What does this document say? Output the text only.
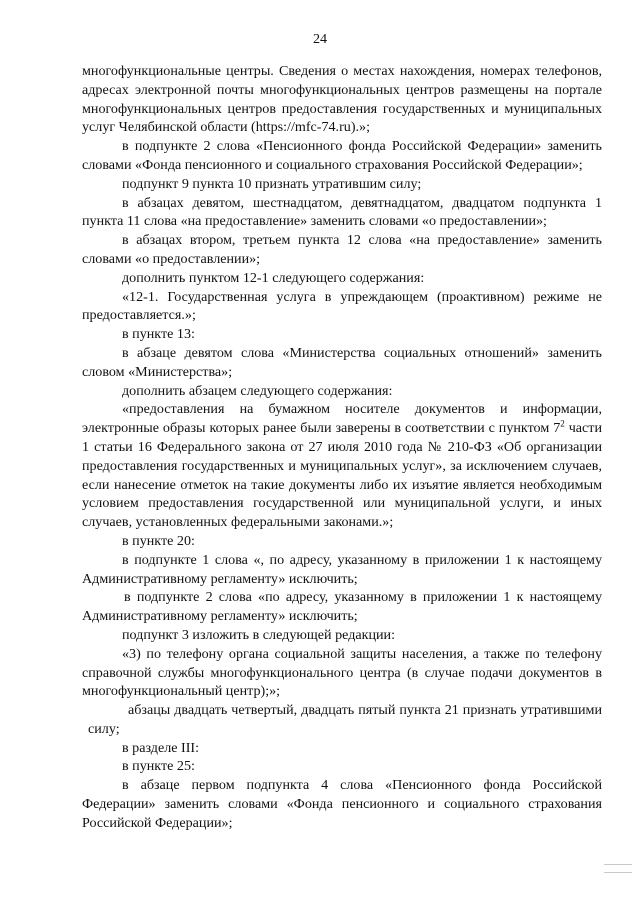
24

многофункциональные центры. Сведения о местах нахождения, номерах телефонов, адресах электронной почты многофункциональных центров размещены на портале многофункциональных центров предоставления государственных и муниципальных услуг Челябинской области (https://mfc-74.ru).»;

в подпункте 2 слова «Пенсионного фонда Российской Федерации» заменить словами «Фонда пенсионного и социального страхования Российской Федерации»;

подпункт 9 пункта 10 признать утратившим силу;

в абзацах девятом, шестнадцатом, девятнадцатом, двадцатом подпункта 1 пункта 11 слова «на предоставление» заменить словами «о предоставлении»;

в абзацах втором, третьем пункта 12 слова «на предоставление» заменить словами «о предоставлении»;

дополнить пунктом 12-1 следующего содержания:

«12-1. Государственная услуга в упреждающем (проактивном) режиме не предоставляется.»;

в пункте 13:

в абзаце девятом слова «Министерства социальных отношений» заменить словом «Министерства»;

дополнить абзацем следующего содержания:

«предоставления на бумажном носителе документов и информации, электронные образы которых ранее были заверены в соответствии с пунктом $7^2$ части 1 статьи 16 Федерального закона от 27 июля 2010 года № 210-ФЗ «Об организации предоставления государственных и муниципальных услуг», за исключением случаев, если нанесение отметок на такие документы либо их изъятие является необходимым условием предоставления государственной или муниципальной услуги, и иных случаев, установленных федеральными законами.»;

в пункте 20:

в подпункте 1 слова «, по адресу, указанному в приложении 1 к настоящему Административному регламенту» исключить;

в подпункте 2 слова «по адресу, указанному в приложении 1 к настоящему Административному регламенту» исключить;

подпункт 3 изложить в следующей редакции:

«3) по телефону органа социальной защиты населения, а также по телефону справочной службы многофункционального центра (в случае подачи документов в многофункциональный центр);»;

абзацы двадцать четвертый, двадцать пятый пункта 21 признать утратившими силу;

в разделе III:

в пункте 25:

в абзаце первом подпункта 4 слова «Пенсионного фонда Российской Федерации» заменить словами «Фонда пенсионного и социального страхования Российской Федерации»;
